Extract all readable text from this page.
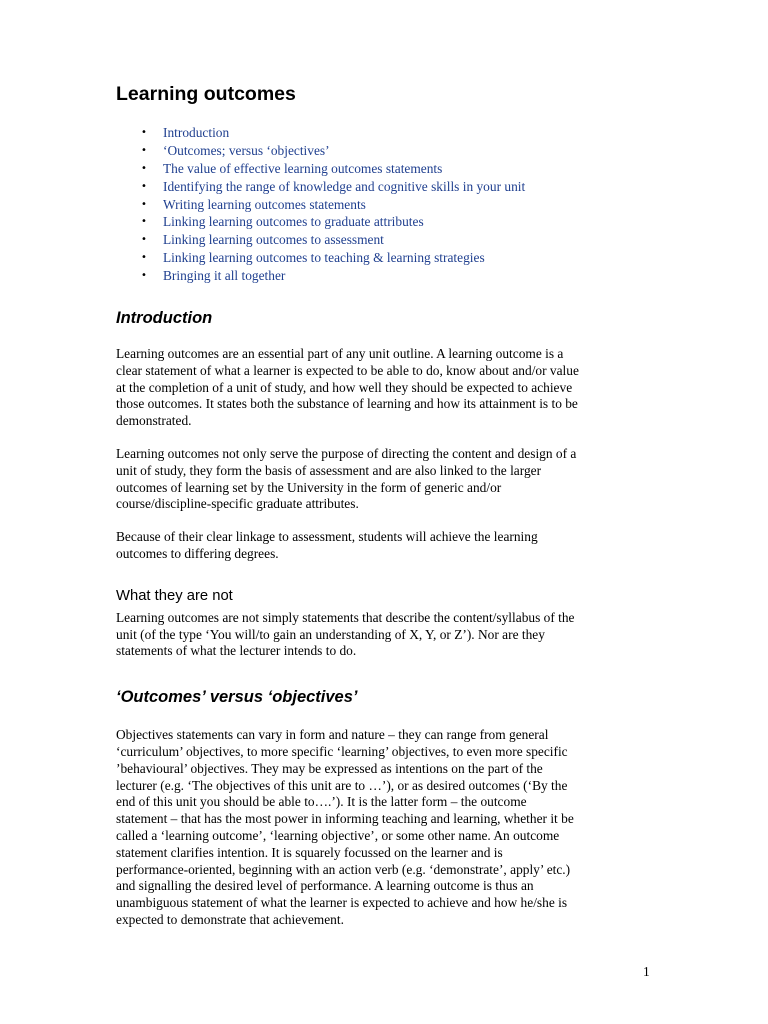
Learning outcomes
• Introduction
• ‘Outcomes; versus ‘objectives’
• The value of effective learning outcomes statements
• Identifying the range of knowledge and cognitive skills in your unit
• Writing learning outcomes statements
• Linking learning outcomes to graduate attributes
• Linking learning outcomes to assessment
• Linking learning outcomes to teaching & learning strategies
• Bringing it all together
Introduction

Learning outcomes are an essential part of any unit outline. A learning outcome is a
clear statement of what a learner is expected to be able to do, know about and/or value
at the completion of a unit of study, and how well they should be expected to achieve
those outcomes. It states both the substance of learning and how its attainment is to be
demonstrated.

Learning outcomes not only serve the purpose of directing the content and design of a
unit of study, they form the basis of assessment and are also linked to the larger
outcomes of learning set by the University in the form of generic and/or
course/discipline-specific graduate attributes.

Because of their clear linkage to assessment, students will achieve the learning
outcomes to differing degrees.

What they are not

Learning outcomes are not simply statements that describe the content/syllabus of the
unit (of the type ‘You will/to gain an understanding of X, Y, or Z’). Nor are they
statements of what the lecturer intends to do.

‘Outcomes’ versus ‘objectives’

Objectives statements can vary in form and nature – they can range from general
‘curriculum’ objectives, to more specific ‘learning’ objectives, to even more specific
’behavioural’ objectives. They may be expressed as intentions on the part of the
lecturer (e.g. ‘The objectives of this unit are to …’), or as desired outcomes (‘By the
end of this unit you should be able to….’). It is the latter form – the outcome
statement – that has the most power in informing teaching and learning, whether it be
called a ‘learning outcome’, ‘learning objective’, or some other name. An outcome
statement clarifies intention. It is squarely focussed on the learner and is
performance-oriented, beginning with an action verb (e.g. ‘demonstrate’, apply’ etc.)
and signalling the desired level of performance. A learning outcome is thus an
unambiguous statement of what the learner is expected to achieve and how he/she is
expected to demonstrate that achievement.

1
